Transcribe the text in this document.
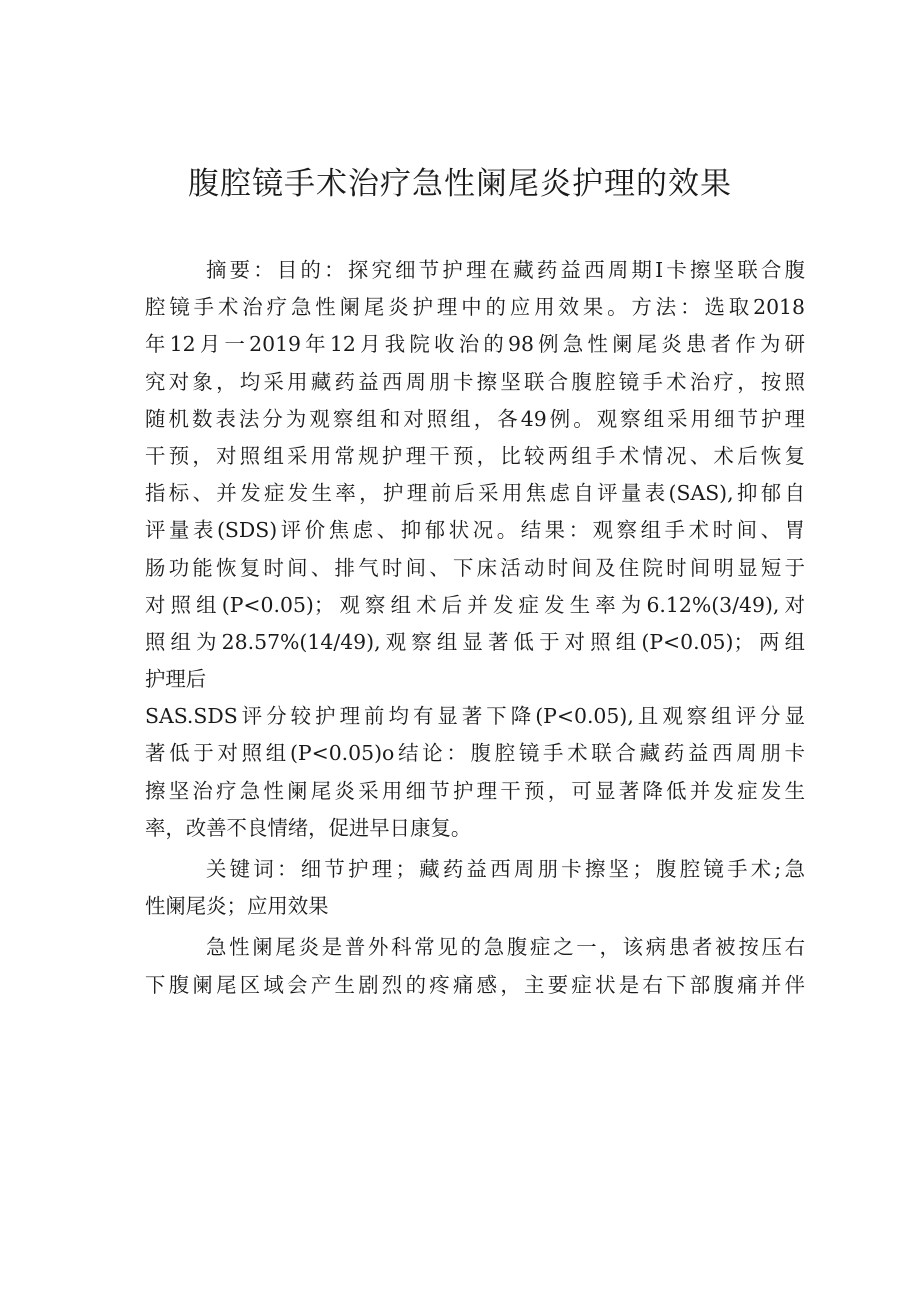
腹腔镜手术治疗急性阑尾炎护理的效果
摘要：目的：探究细节护理在藏药益西周期Ⅰ卡擦坚联合腹
腔镜手术治疗急性阑尾炎护理中的应用效果。方法：选取2018
年12月一2019年12月我院收治的98例急性阑尾炎患者作为研
究对象，均采用藏药益西周朋卡擦坚联合腹腔镜手术治疗，按照
随机数表法分为观察组和对照组，各49例。观察组采用细节护理
干预，对照组采用常规护理干预，比较两组手术情况、术后恢复
指标、并发症发生率，护理前后采用焦虑自评量表(SAS),抑郁自
评量表(SDS)评价焦虑、抑郁状况。结果：观察组手术时间、胃
肠功能恢复时间、排气时间、下床活动时间及住院时间明显短于
对照组(P<0.05)；观察组术后并发症发生率为6.12%(3/49),对
照组为28.57%(14/49),观察组显著低于对照组(P<0.05)；两组
护理后
SAS.SDS评分较护理前均有显著下降(P<0.05),且观察组评分显
著低于对照组(P<0.05)o结论：腹腔镜手术联合藏药益西周朋卡
擦坚治疗急性阑尾炎采用细节护理干预，可显著降低并发症发生
率，改善不良情绪，促进早日康复。
关键词：细节护理；藏药益西周朋卡擦坚；腹腔镜手术;急
性阑尾炎；应用效果
急性阑尾炎是普外科常见的急腹症之一，该病患者被按压右
下腹阑尾区域会产生剧烈的疼痛感，主要症状是右下部腹痛并伴
